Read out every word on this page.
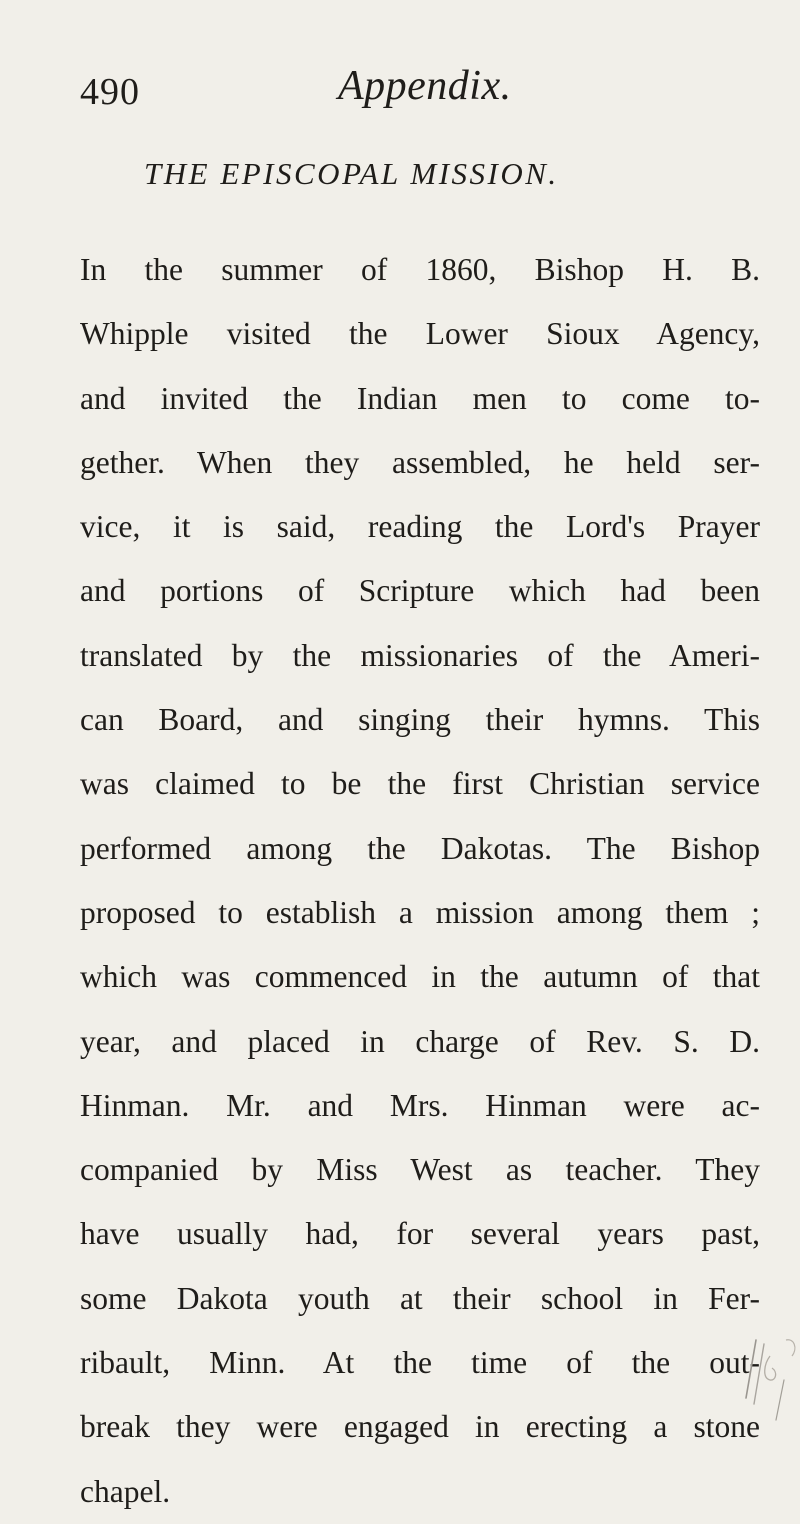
490	Appendix.
THE EPISCOPAL MISSION.
In the summer of 1860, Bishop H. B.
Whipple visited the Lower Sioux Agency,
and invited the Indian men to come to-
gether. When they assembled, he held ser-
vice, it is said, reading the Lord's Prayer
and portions of Scripture which had been
translated by the missionaries of the Ameri-
can Board, and singing their hymns. This
was claimed to be the first Christian service
performed among the Dakotas. The Bishop
proposed to establish a mission among them ;
which was commenced in the autumn of that
year, and placed in charge of Rev. S. D.
Hinman. Mr. and Mrs. Hinman were ac-
companied by Miss West as teacher. They
have usually had, for several years past,
some Dakota youth at their school in Fer-
ribault, Minn. At the time of the out-
break they were engaged in erecting a stone
chapel.
